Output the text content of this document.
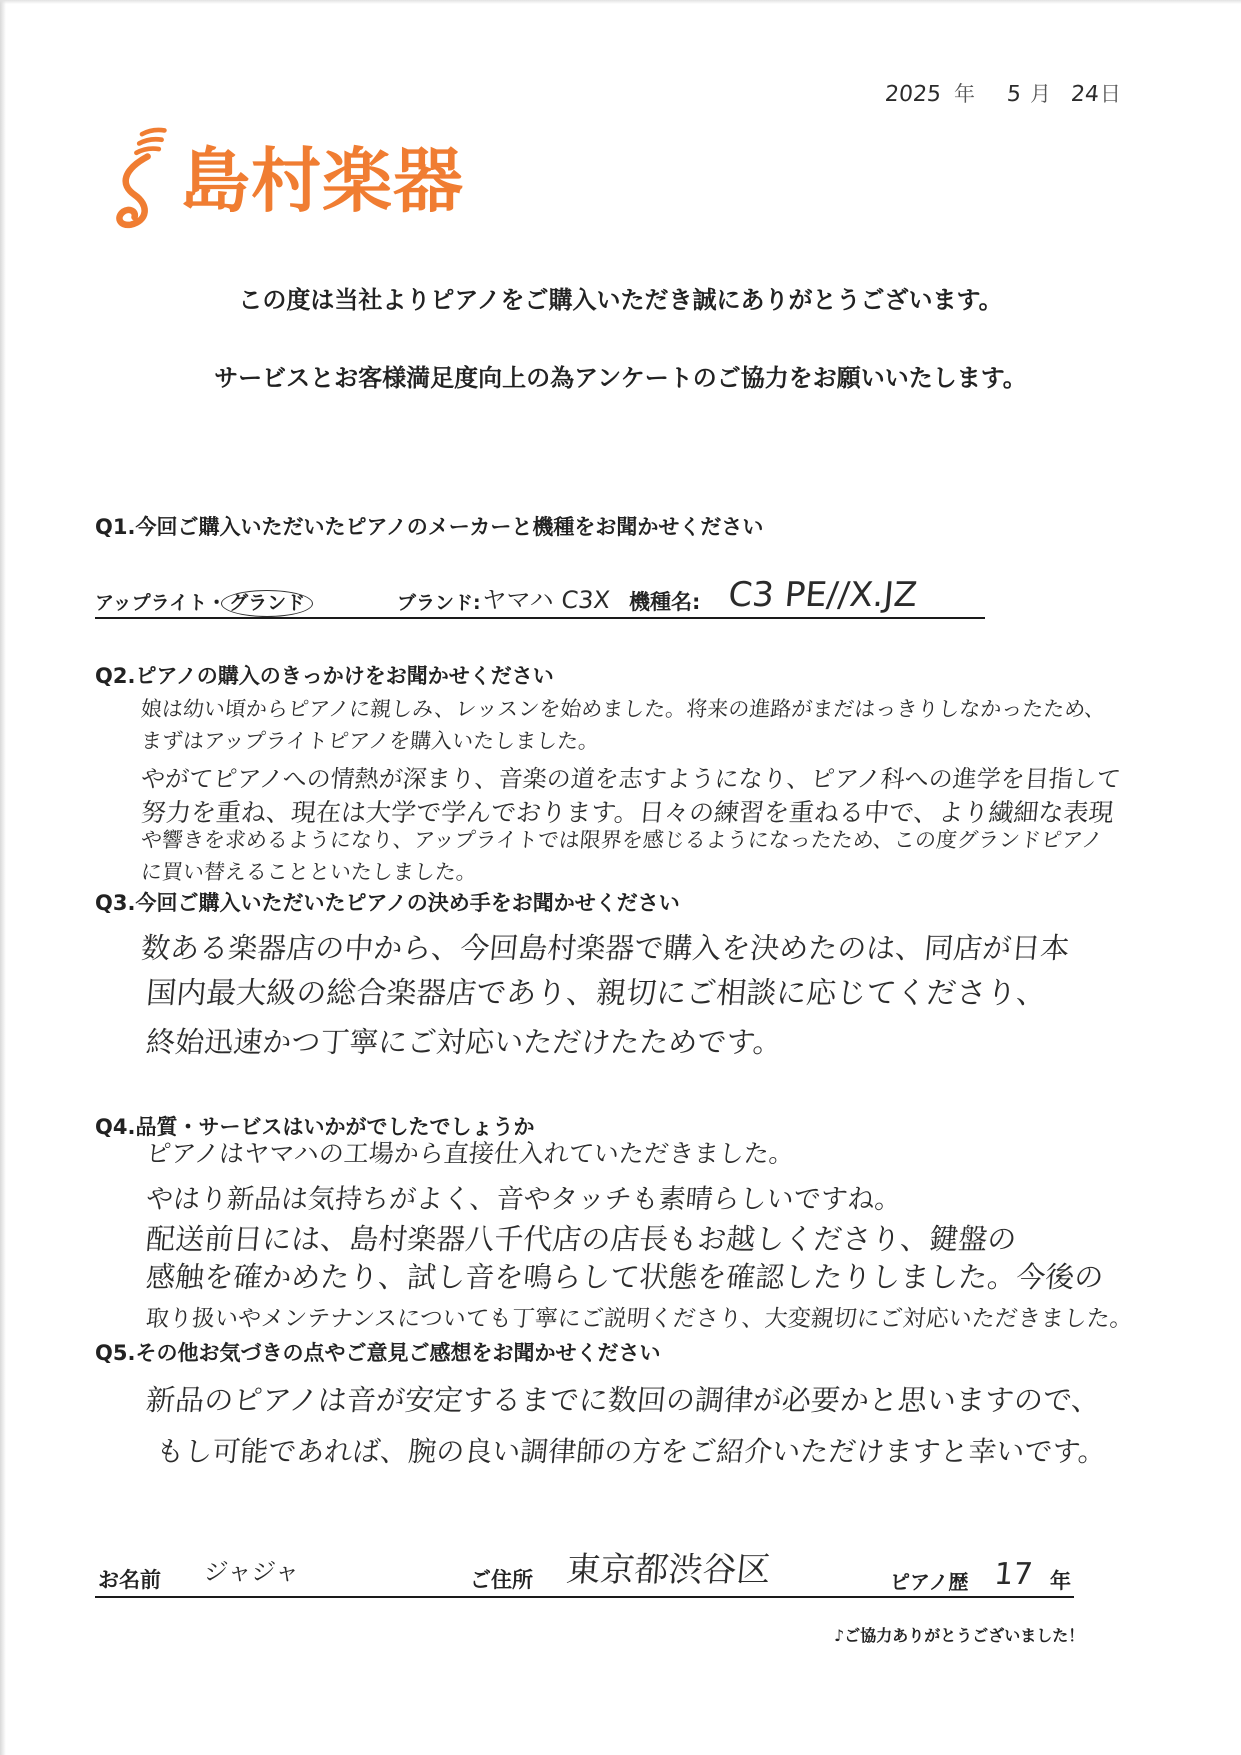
2025 年 5 月 24 日
島村楽器
この度は当社よりピアノをご購入いただき誠にありがとうございます。
サービスとお客様満足度向上の為アンケートのご協力をお願いいたします。
Q1.今回ご購入いただいたピアノのメーカーと機種をお聞かせください
アップライト・ グランド	ブランド: ヤマハ C3X 機種名: C3 PE//X.JZ
Q2.ピアノの購入のきっかけをお聞かせください
娘は幼い頃からピアノに親しみ、レッスンを始めました。将来の進路がまだはっきりしなかったため、
まずはアップライトピアノを購入いたしました。
やがてピアノへの情熱が深まり、音楽の道を志すようになり、ピアノ科への進学を目指して
努力を重ね、現在は大学で学んでおります。日々の練習を重ねる中で、より繊細な表現
や響きを求めるようになり、アップライトでは限界を感じるようになったため、この度グランドピアノ
に買い替えることといたしました。
Q3.今回ご購入いただいたピアノの決め手をお聞かせください
数ある楽器店の中から、今回島村楽器で購入を決めたのは、同店が日本
国内最大級の総合楽器店であり、親切にご相談に応じてくださり、
終始迅速かつ丁寧にご対応いただけたためです。
Q4.品質・サービスはいかがでしたでしょうか
ピアノはヤマハの工場から直接仕入れていただきました。
やはり新品は気持ちがよく、音やタッチも素晴らしいですね。
配送前日には、島村楽器八千代店の店長もお越しくださり、鍵盤の
感触を確かめたり、試し音を鳴らして状態を確認したりしました。今後の
取り扱いやメンテナンスについても丁寧にご説明くださり、大変親切にご対応いただきました。
Q5.その他お気づきの点やご意見ご感想をお聞かせください
新品のピアノは音が安定するまでに数回の調律が必要かと思いますので、
もし可能であれば、腕の良い調律師の方をご紹介いただけますと幸いです。
お名前 ジャジャ	ご住所 東京都渋谷区	ピアノ歴 17 年
♪ご協力ありがとうございました！
